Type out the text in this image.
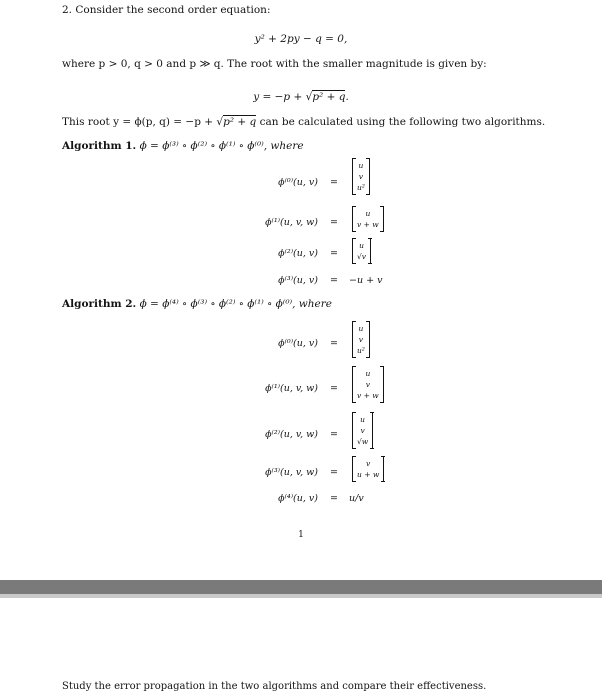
2. Consider the second order equation:
y² + 2py − q = 0,
where p > 0, q > 0 and p ≫ q. The root with the smaller magnitude is given by:
y = −p + √p² + q.
This root y = ϕ(p, q) = −p + √p² + q can be calculated using the following two algorithms.
Algorithm 1. ϕ = ϕ⁽³⁾ ∘ ϕ⁽²⁾ ∘ ϕ⁽¹⁾ ∘ ϕ⁽⁰⁾, where
ϕ⁽⁰⁾(u, v)	=
u
v
u²
ϕ⁽¹⁾(u, v, w)	=
u
v + w
ϕ⁽²⁾(u, v)	=
u
√v
ϕ⁽³⁾(u, v)	=	−u + v
Algorithm 2. ϕ = ϕ⁽⁴⁾ ∘ ϕ⁽³⁾ ∘ ϕ⁽²⁾ ∘ ϕ⁽¹⁾ ∘ ϕ⁽⁰⁾, where
ϕ⁽⁰⁾(u, v)	=
u
v
u²
ϕ⁽¹⁾(u, v, w)	=
u
v
v + w
ϕ⁽²⁾(u, v, w)	=
u
v
√w
ϕ⁽³⁾(u, v, w)	=
v
u + w
ϕ⁽⁴⁾(u, v)	=	u/v
1
Study the error propagation in the two algorithms and compare their effectiveness.
